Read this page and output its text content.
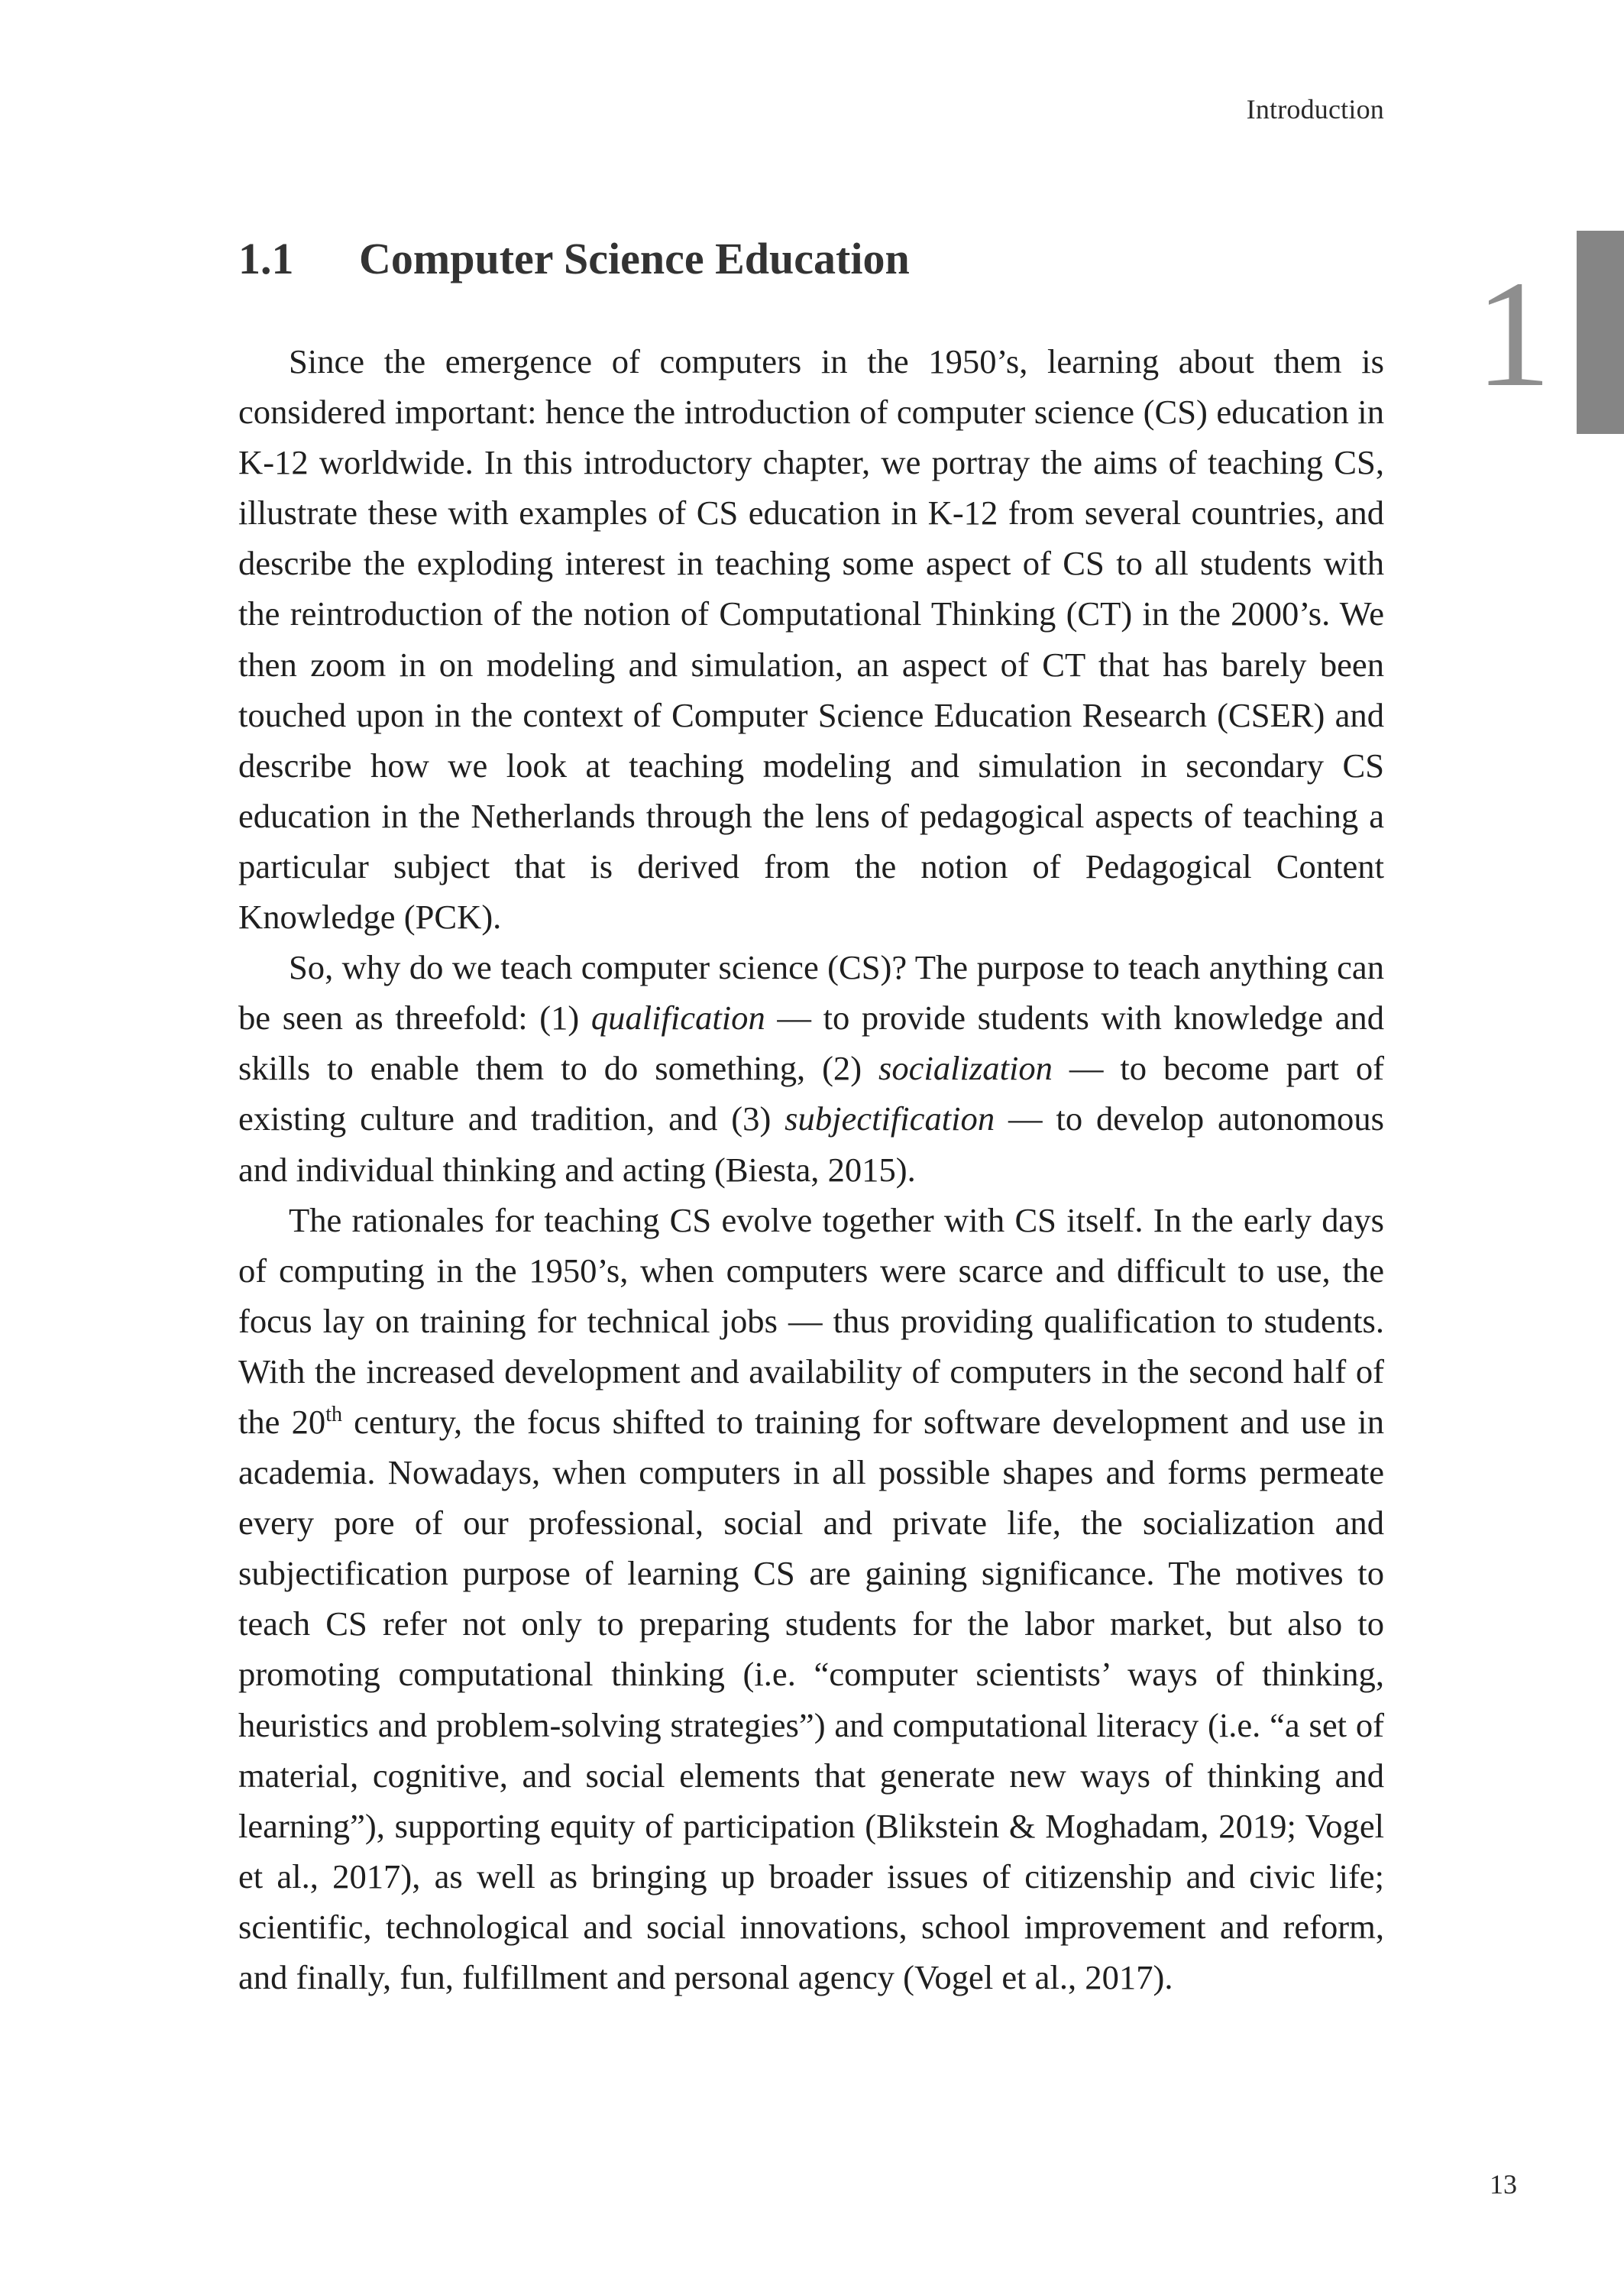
Introduction
1
1.1 Computer Science Education

Since the emergence of computers in the 1950’s, learning about them is considered important: hence the introduction of computer science (CS) education in K-12 worldwide. In this introductory chapter, we portray the aims of teaching CS, illustrate these with examples of CS education in K-12 from several countries, and describe the exploding interest in teaching some aspect of CS to all students with the reintroduction of the notion of Computational Thinking (CT) in the 2000’s. We then zoom in on modeling and simulation, an aspect of CT that has barely been touched upon in the context of Computer Science Education Research (CSER) and describe how we look at teaching modeling and simulation in secondary CS education in the Netherlands through the lens of pedagogical aspects of teaching a particular subject that is derived from the notion of Pedagogical Content Knowledge (PCK).

So, why do we teach computer science (CS)? The purpose to teach anything can be seen as threefold: (1) qualification — to provide students with knowledge and skills to enable them to do something, (2) socialization — to become part of existing culture and tradition, and (3) subjectification — to develop autonomous and individual thinking and acting (Biesta, 2015).

The rationales for teaching CS evolve together with CS itself. In the early days of computing in the 1950’s, when computers were scarce and difficult to use, the focus lay on training for technical jobs — thus providing qualification to students. With the increased development and availability of computers in the second half of the 20th century, the focus shifted to training for software development and use in academia. Nowadays, when computers in all possible shapes and forms permeate every pore of our professional, social and private life, the socialization and subjectification purpose of learning CS are gaining significance. The motives to teach CS refer not only to preparing students for the labor market, but also to promoting computational thinking (i.e. “computer scientists’ ways of thinking, heuristics and problem-solving strategies”) and computational literacy (i.e. “a set of material, cognitive, and social elements that generate new ways of thinking and learning”), supporting equity of participation (Blikstein & Moghadam, 2019; Vogel et al., 2017), as well as bringing up broader issues of citizenship and civic life; scientific, technological and social innovations, school improvement and reform, and finally, fun, fulfillment and personal agency (Vogel et al., 2017).

13
